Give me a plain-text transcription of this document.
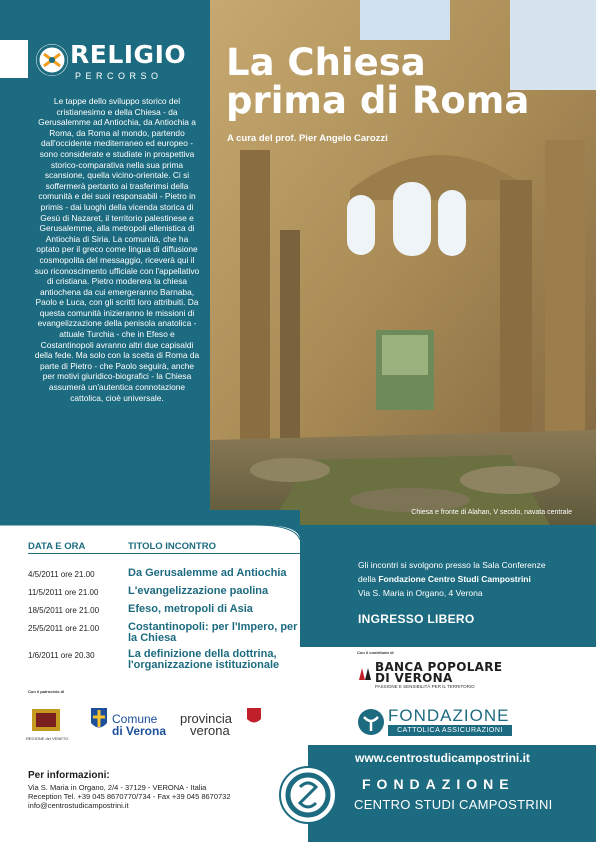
RELIGIO
PERCORSO
Le tappe dello sviluppo storico del cristianesimo e della Chiesa - da Gerusalemme ad Antiochia, da Antiochia a Roma, da Roma al mondo, partendo dall'occidente mediterraneo ed europeo - sono considerate e studiate in prospettiva storico-comparativa nella sua prima scansione, quella vicino-orientale. Ci si soffermerà pertanto ai trasferimsi della comunità e dei suoi responsabili - Pietro in primis - dai luoghi della vicenda storica di Gesù di Nazaret, il territorio palestinese e Gerusalemme, alla metropoli ellenistica di Antiochia di Siria. La comunità, che ha optato per il greco come lingua di diffusione cosmopolita del messaggio, riceverà qui il suo riconoscimento ufficiale con l'appellativo di cristiana. Pietro moderera la chiesa antiochena da cui emergeranno Barnaba, Paolo e Luca, con gli scritti loro attribuiti. Da questa comunità inizieranno le missioni di evangelizzazione della penisola anatolica - attuale Turchia - che in Efeso e Costantinopoli avranno altri due capisaldi della fede. Ma solo con la scelta di Roma da parte di Pietro - che Paolo seguirà, anche per motivi giuridico-biografici - la Chiesa assumerà un'autentica connotazione cattolica, cioè universale.
La Chiesa
prima di Roma
A cura del prof. Pier Angelo Carozzi
Chiesa e fronte di Alahan, V secolo, navata centrale
DATA E ORA	TITOLO INCONTRO
4/5/2011 ore 21.00	Da Gerusalemme ad Antiochia
11/5/2011 ore 21.00	L'evangelizzazione paolina
18/5/2011 ore 21.00	Efeso, metropoli di Asia
25/5/2011 ore 21.00	Costantinopoli: per l'Impero, per la Chiesa
1/6/2011 ore 20.30	La definizione della dottrina, l'organizzazione istituzionale
Gli incontri si svolgono presso la Sala Conferenze
della Fondazione Centro Studi Campostrini
Via S. Maria in Organo, 4 Verona
INGRESSO LIBERO
Con il contributo di
BANCA POPOLARE
DI VERONA
PASSIONE E SENSIBILITÀ PER IL TERRITORIO
FONDAZIONE
CATTOLICA ASSICURAZIONI
Con il patrocinio di
REGIONE del VENETO
Comune
di Verona
provincia
verona
www.centrostudicampostrini.it
FONDAZIONE
CENTRO STUDI CAMPOSTRINI
Per informazioni:
Via S. Maria in Organo, 2/4 - 37129 - VERONA - Italia
Reception Tel. +39 045 8670770/734 - Fax +39 045 8670732
info@centrostudicampostrini.it
